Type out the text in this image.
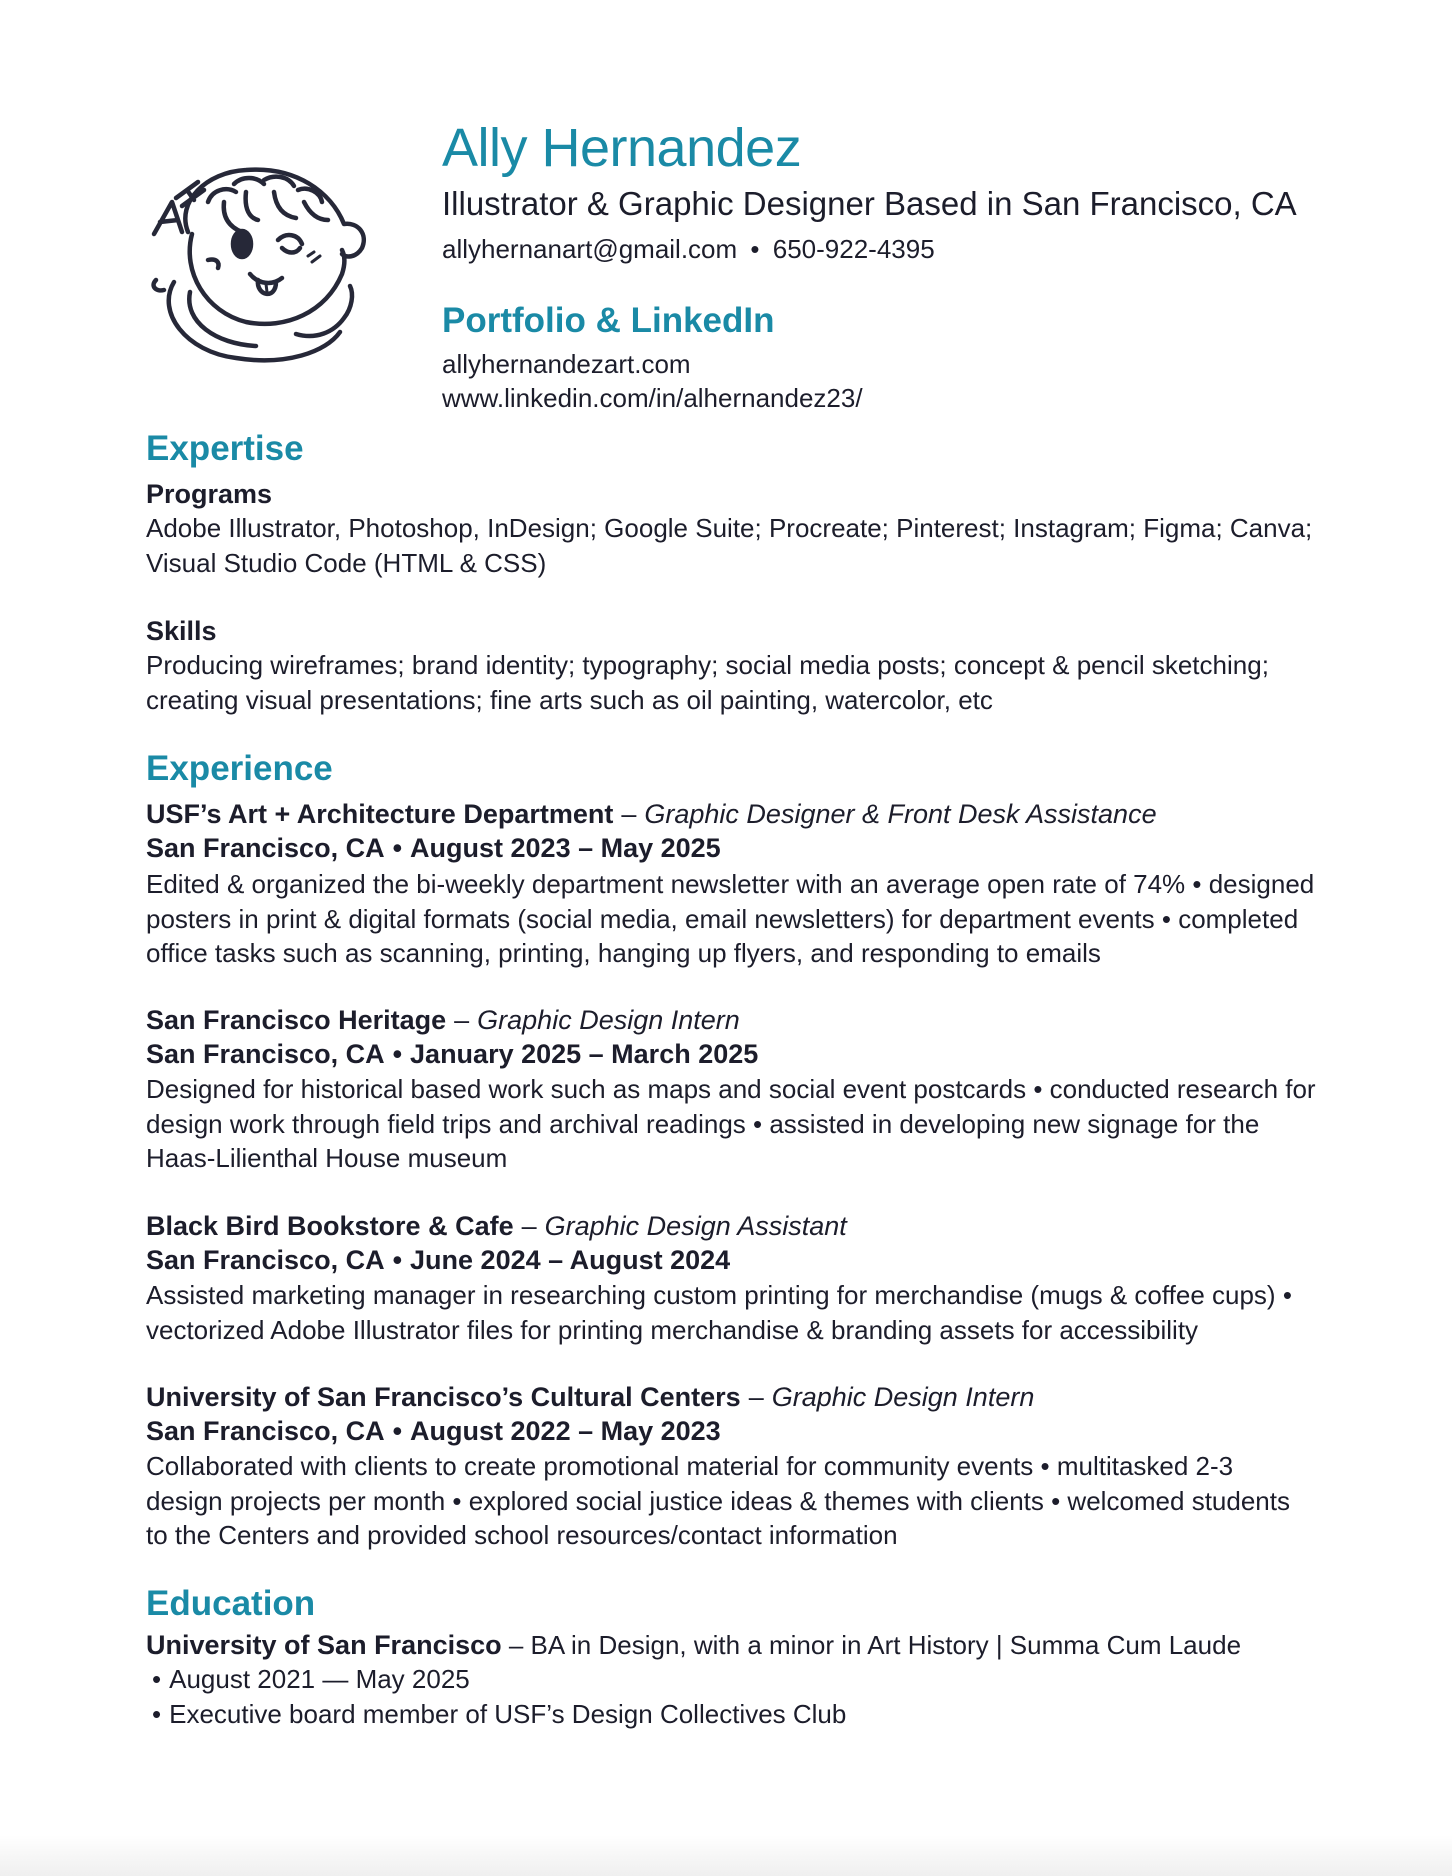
Ally Hernandez
Illustrator & Graphic Designer Based in San Francisco, CA
allyhernanart@gmail.com • 650-922-4395
Portfolio & LinkedIn
allyhernandezart.com
www.linkedin.com/in/alhernandez23/
Expertise
Programs
Adobe Illustrator, Photoshop, InDesign; Google Suite; Procreate; Pinterest; Instagram; Figma; Canva; Visual Studio Code (HTML & CSS)
Skills
Producing wireframes; brand identity; typography; social media posts; concept & pencil sketching; creating visual presentations; fine arts such as oil painting, watercolor, etc
Experience
USF’s Art + Architecture Department – Graphic Designer & Front Desk Assistance
San Francisco, CA • August 2023 – May 2025
Edited & organized the bi-weekly department newsletter with an average open rate of 74% • designed posters in print & digital formats (social media, email newsletters) for department events • completed office tasks such as scanning, printing, hanging up flyers, and responding to emails
San Francisco Heritage – Graphic Design Intern
San Francisco, CA • January 2025 – March 2025
Designed for historical based work such as maps and social event postcards • conducted research for design work through field trips and archival readings • assisted in developing new signage for the Haas-Lilienthal House museum
Black Bird Bookstore & Cafe – Graphic Design Assistant
San Francisco, CA • June 2024 – August 2024
Assisted marketing manager in researching custom printing for merchandise (mugs & coffee cups) • vectorized Adobe Illustrator files for printing merchandise & branding assets for accessibility
University of San Francisco’s Cultural Centers – Graphic Design Intern
San Francisco, CA • August 2022 – May 2023
Collaborated with clients to create promotional material for community events • multitasked 2-3 design projects per month • explored social justice ideas & themes with clients • welcomed students to the Centers and provided school resources/contact information
Education
University of San Francisco – BA in Design, with a minor in Art History | Summa Cum Laude
• August 2021 — May 2025
• Executive board member of USF’s Design Collectives Club
